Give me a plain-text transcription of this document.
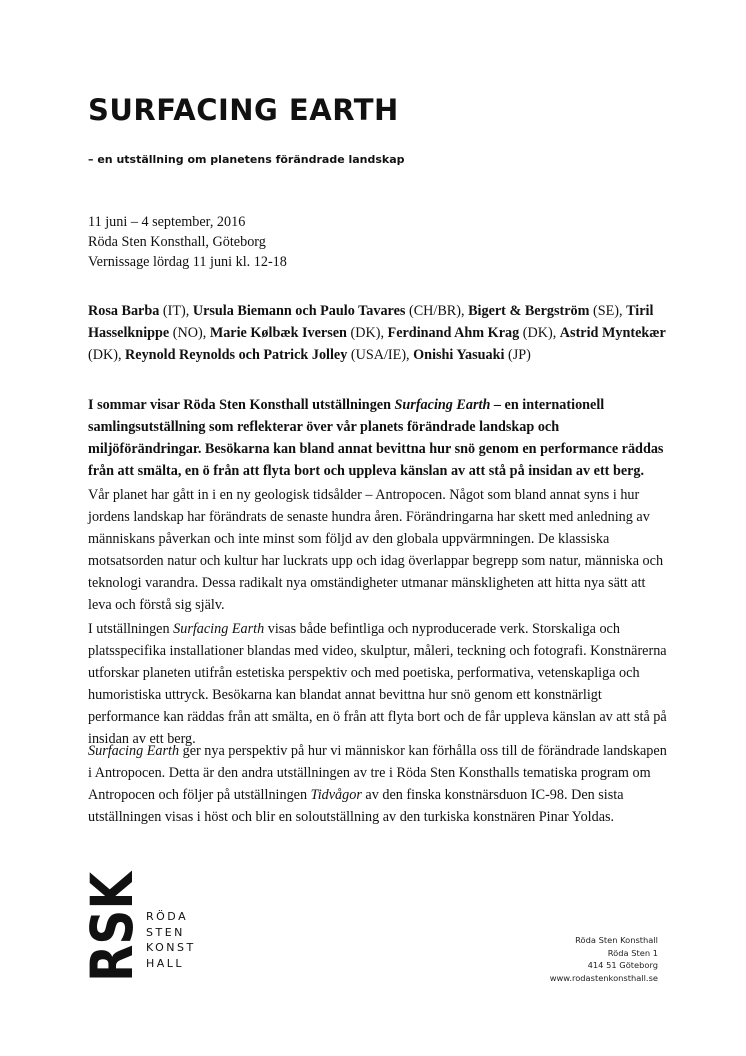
SURFACING EARTH

– en utställning om planetens förändrade landskap

11 juni – 4 september, 2016
Röda Sten Konsthall, Göteborg
Vernissage lördag 11 juni kl. 12-18

Rosa Barba (IT), Ursula Biemann och Paulo Tavares (CH/BR), Bigert & Bergström (SE), Tiril Hasselknippe (NO), Marie Kølbæk Iversen (DK), Ferdinand Ahm Krag (DK), Astrid Myntekær (DK), Reynold Reynolds och Patrick Jolley (USA/IE), Onishi Yasuaki (JP)

I sommar visar Röda Sten Konsthall utställningen Surfacing Earth – en internationell samlingsutställning som reflekterar över vår planets förändrade landskap och miljöförändringar. Besökarna kan bland annat bevittna hur snö genom en performance räddas från att smälta, en ö från att flyta bort och uppleva känslan av att stå på insidan av ett berg.

Vår planet har gått in i en ny geologisk tidsålder – Antropocen. Något som bland annat syns i hur jordens landskap har förändrats de senaste hundra åren. Förändringarna har skett med anledning av människans påverkan och inte minst som följd av den globala uppvärmningen. De klassiska motsatsorden natur och kultur har luckrats upp och idag överlappar begrepp som natur, människa och teknologi varandra. Dessa radikalt nya omständigheter utmanar mänskligheten att hitta nya sätt att leva och förstå sig själv.

I utställningen Surfacing Earth visas både befintliga och nyproducerade verk. Storskaliga och platsspecifika installationer blandas med video, skulptur, måleri, teckning och fotografi. Konstnärerna utforskar planeten utifrån estetiska perspektiv och med poetiska, performativa, vetenskapliga och humoristiska uttryck. Besökarna kan blandat annat bevittna hur snö genom ett konstnärligt performance kan räddas från att smälta, en ö från att flyta bort och de får uppleva känslan av att stå på insidan av ett berg.

Surfacing Earth ger nya perspektiv på hur vi människor kan förhålla oss till de förändrade landskapen i Antropocen. Detta är den andra utställningen av tre i Röda Sten Konsthalls tematiska program om Antropocen och följer på utställningen Tidvågor av den finska konstnärsduon IC-98. Den sista utställningen visas i höst och blir en soloutställning av den turkiska konstnären Pinar Yoldas.

RSK RÖDA
STEN
KONST
HALL
Röda Sten Konsthall
Röda Sten 1
414 51 Göteborg
www.rodastenkonsthall.se
